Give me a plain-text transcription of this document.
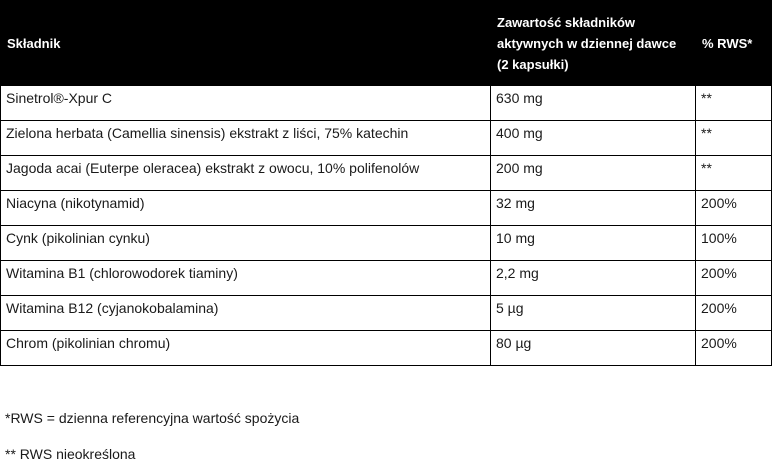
Składnik	Zawartość składników aktywnych w dziennej dawce (2 kapsułki)	% RWS*
Sinetrol®-Xpur C	630 mg	**
Zielona herbata (Camellia sinensis) ekstrakt z liści, 75% katechin	400 mg	**
Jagoda acai (Euterpe oleracea) ekstrakt z owocu, 10% polifenolów	200 mg	**
Niacyna (nikotynamid)	32 mg	200%
Cynk (pikolinian cynku)	10 mg	100%
Witamina B1 (chlorowodorek tiaminy)	2,2 mg	200%
Witamina B12 (cyjanokobalamina)	5 µg	200%
Chrom (pikolinian chromu)	80 µg	200%
*RWS = dzienna referencyjna wartość spożycia
** RWS nieokreślona
